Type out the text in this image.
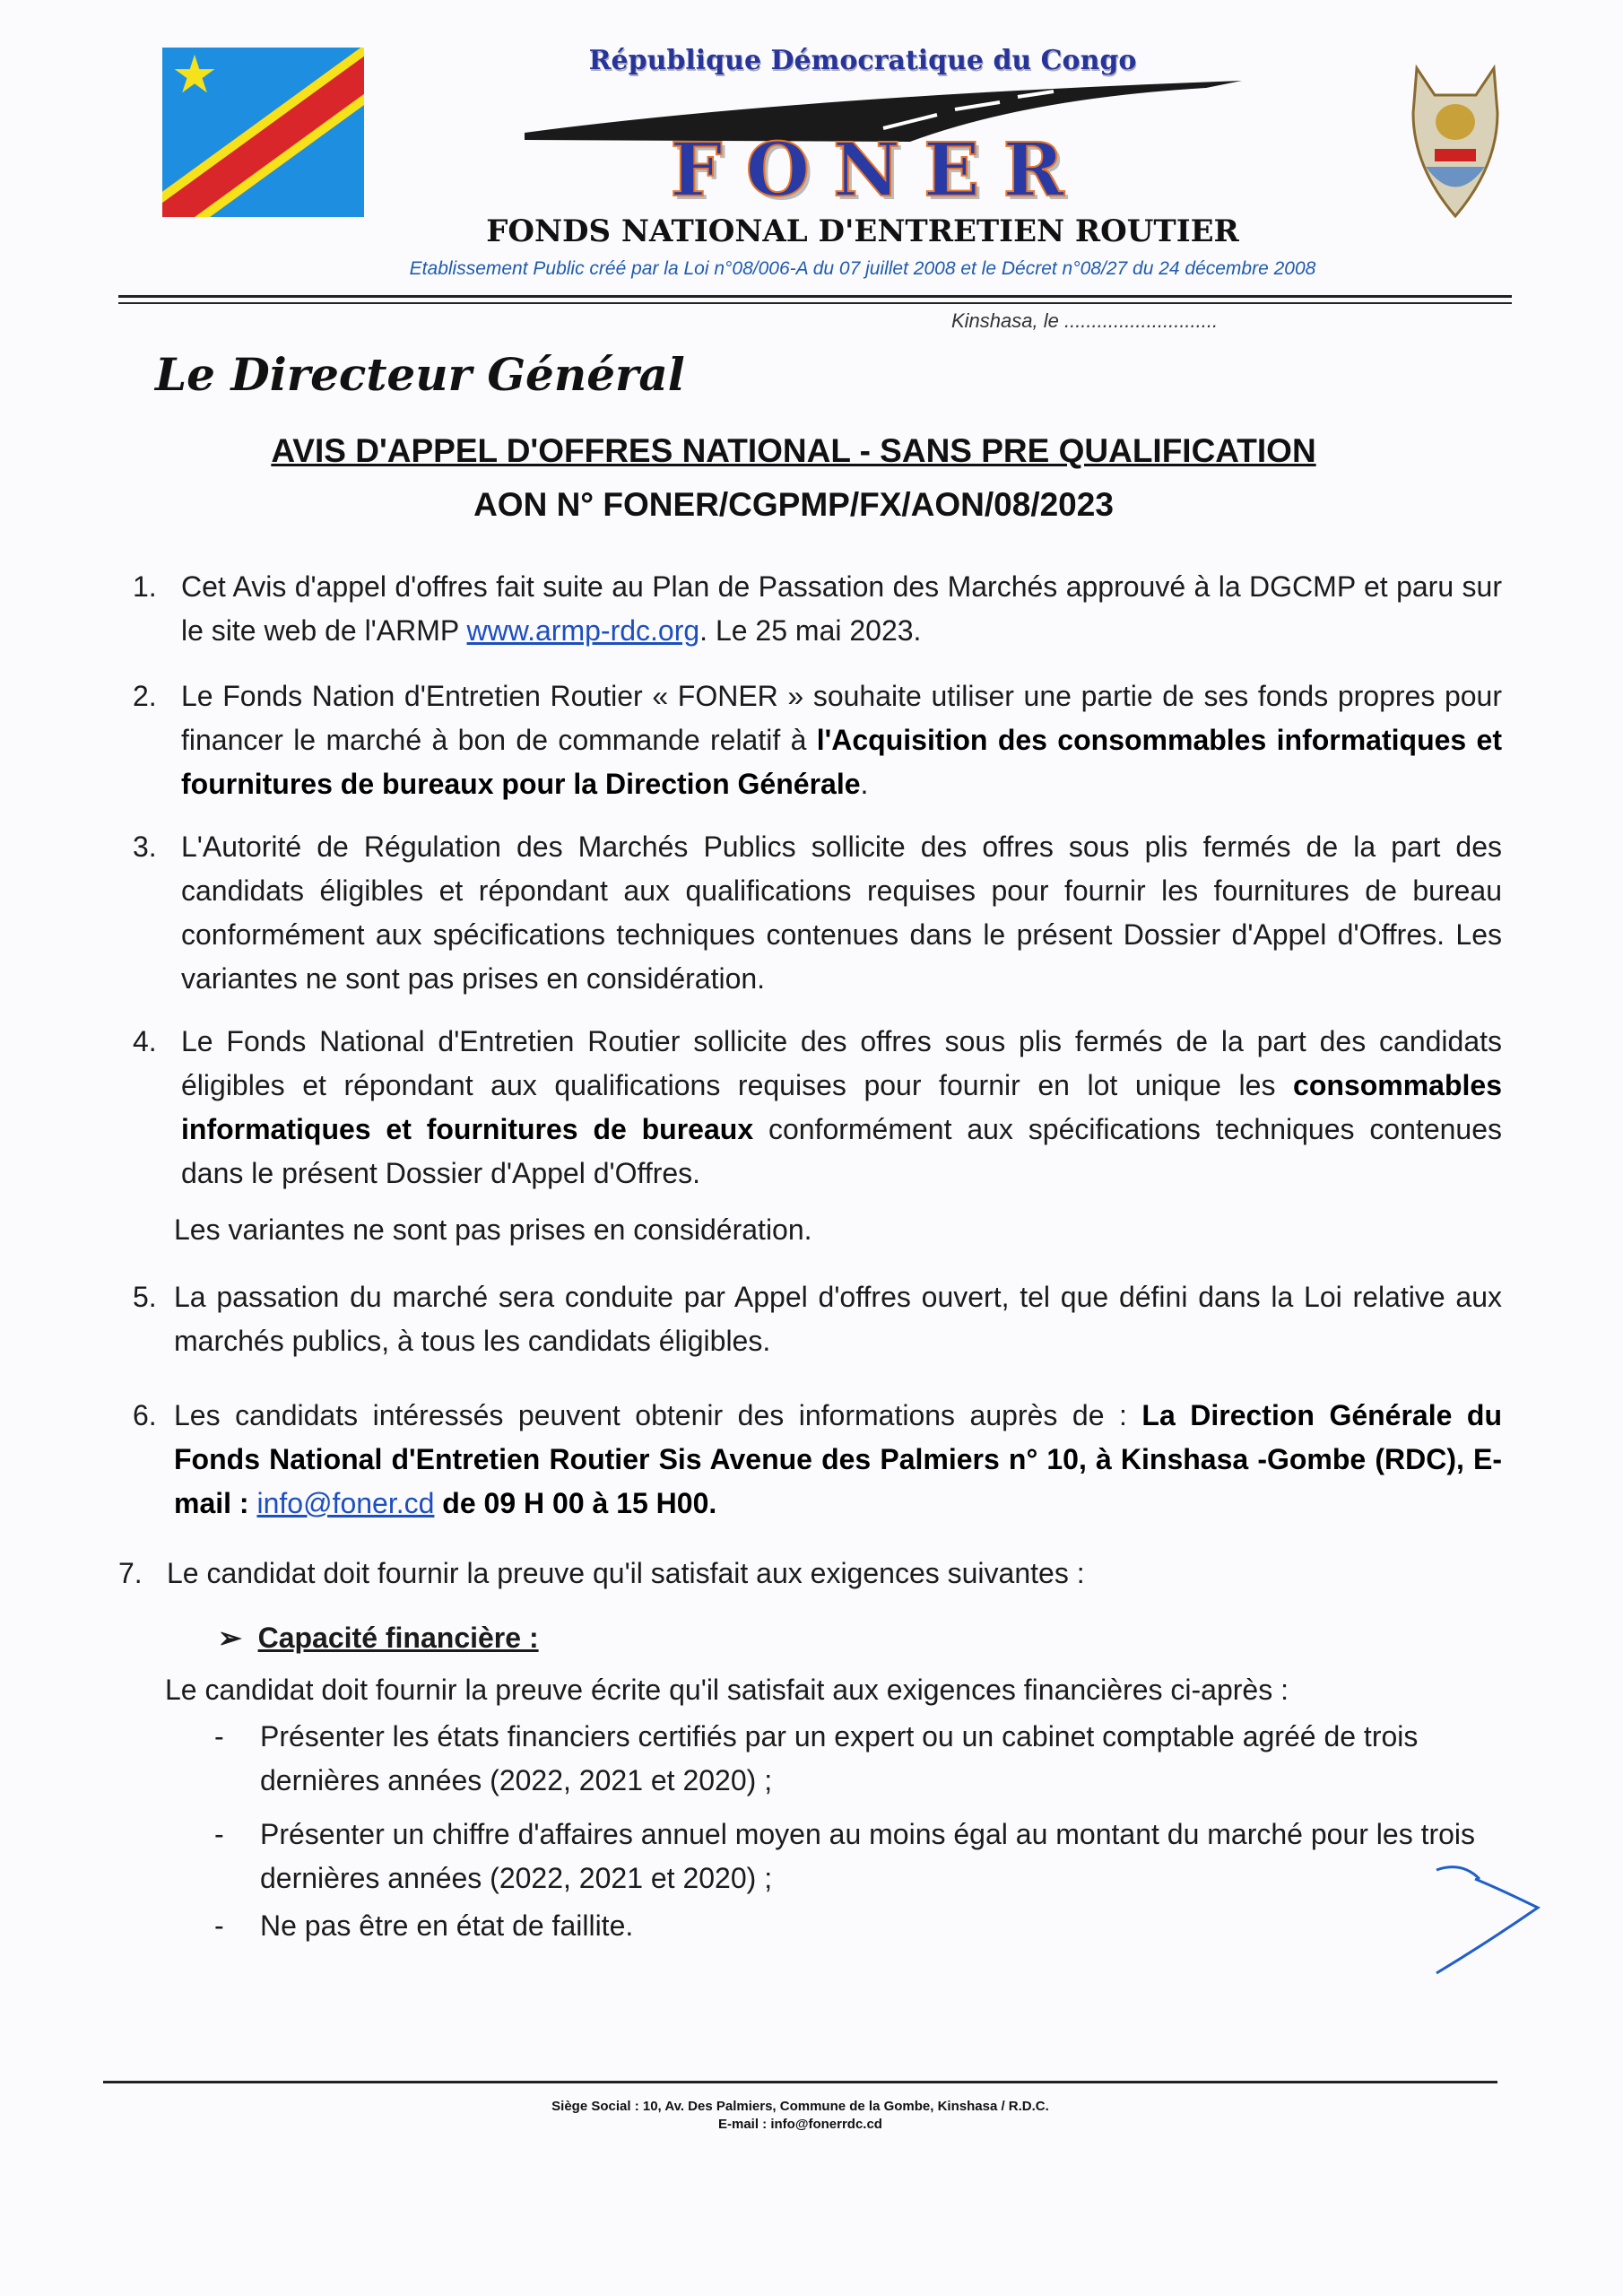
★	République Démocratique du Congo
FONER
FONDS NATIONAL D'ENTRETIEN ROUTIER
Etablissement Public créé par la Loi n°08/006-A du 07 juillet 2008 et le Décret n°08/27 du 24 décembre 2008
Kinshasa, le ............................
Le Directeur Général
AVIS D'APPEL D'OFFRES NATIONAL - SANS PRE QUALIFICATION
AON N° FONER/CGPMP/FX/AON/08/2023
1. Cet Avis d'appel d'offres fait suite au Plan de Passation des Marchés approuvé à la DGCMP et paru sur le site web de l'ARMP www.armp-rdc.org. Le 25 mai 2023.
2. Le Fonds Nation d'Entretien Routier « FONER » souhaite utiliser une partie de ses fonds propres pour financer le marché à bon de commande relatif à l'Acquisition des consommables informatiques et fournitures de bureaux pour la Direction Générale.
3. L'Autorité de Régulation des Marchés Publics sollicite des offres sous plis fermés de la part des candidats éligibles et répondant aux qualifications requises pour fournir les fournitures de bureau conformément aux spécifications techniques contenues dans le présent Dossier d'Appel d'Offres. Les variantes ne sont pas prises en considération.
4. Le Fonds National d'Entretien Routier sollicite des offres sous plis fermés de la part des candidats éligibles et répondant aux qualifications requises pour fournir en lot unique les consommables informatiques et fournitures de bureaux conformément aux spécifications techniques contenues dans le présent Dossier d'Appel d'Offres.
Les variantes ne sont pas prises en considération.
5. La passation du marché sera conduite par Appel d'offres ouvert, tel que défini dans la Loi relative aux marchés publics, à tous les candidats éligibles.
6. Les candidats intéressés peuvent obtenir des informations auprès de : La Direction Générale du Fonds National d'Entretien Routier Sis Avenue des Palmiers n° 10, à Kinshasa -Gombe (RDC), E-mail : info@foner.cd de 09 H 00 à 15 H00.
7. Le candidat doit fournir la preuve qu'il satisfait aux exigences suivantes :
➢ Capacité financière :
Le candidat doit fournir la preuve écrite qu'il satisfait aux exigences financières ci-après :
- Présenter les états financiers certifiés par un expert ou un cabinet comptable agréé de trois dernières années (2022, 2021 et 2020) ;
- Présenter un chiffre d'affaires annuel moyen au moins égal au montant du marché pour les trois dernières années (2022, 2021 et 2020) ;
- Ne pas être en état de faillite.
Siège Social : 10, Av. Des Palmiers, Commune de la Gombe, Kinshasa / R.D.C.
E-mail : info@fonerrdc.cd
